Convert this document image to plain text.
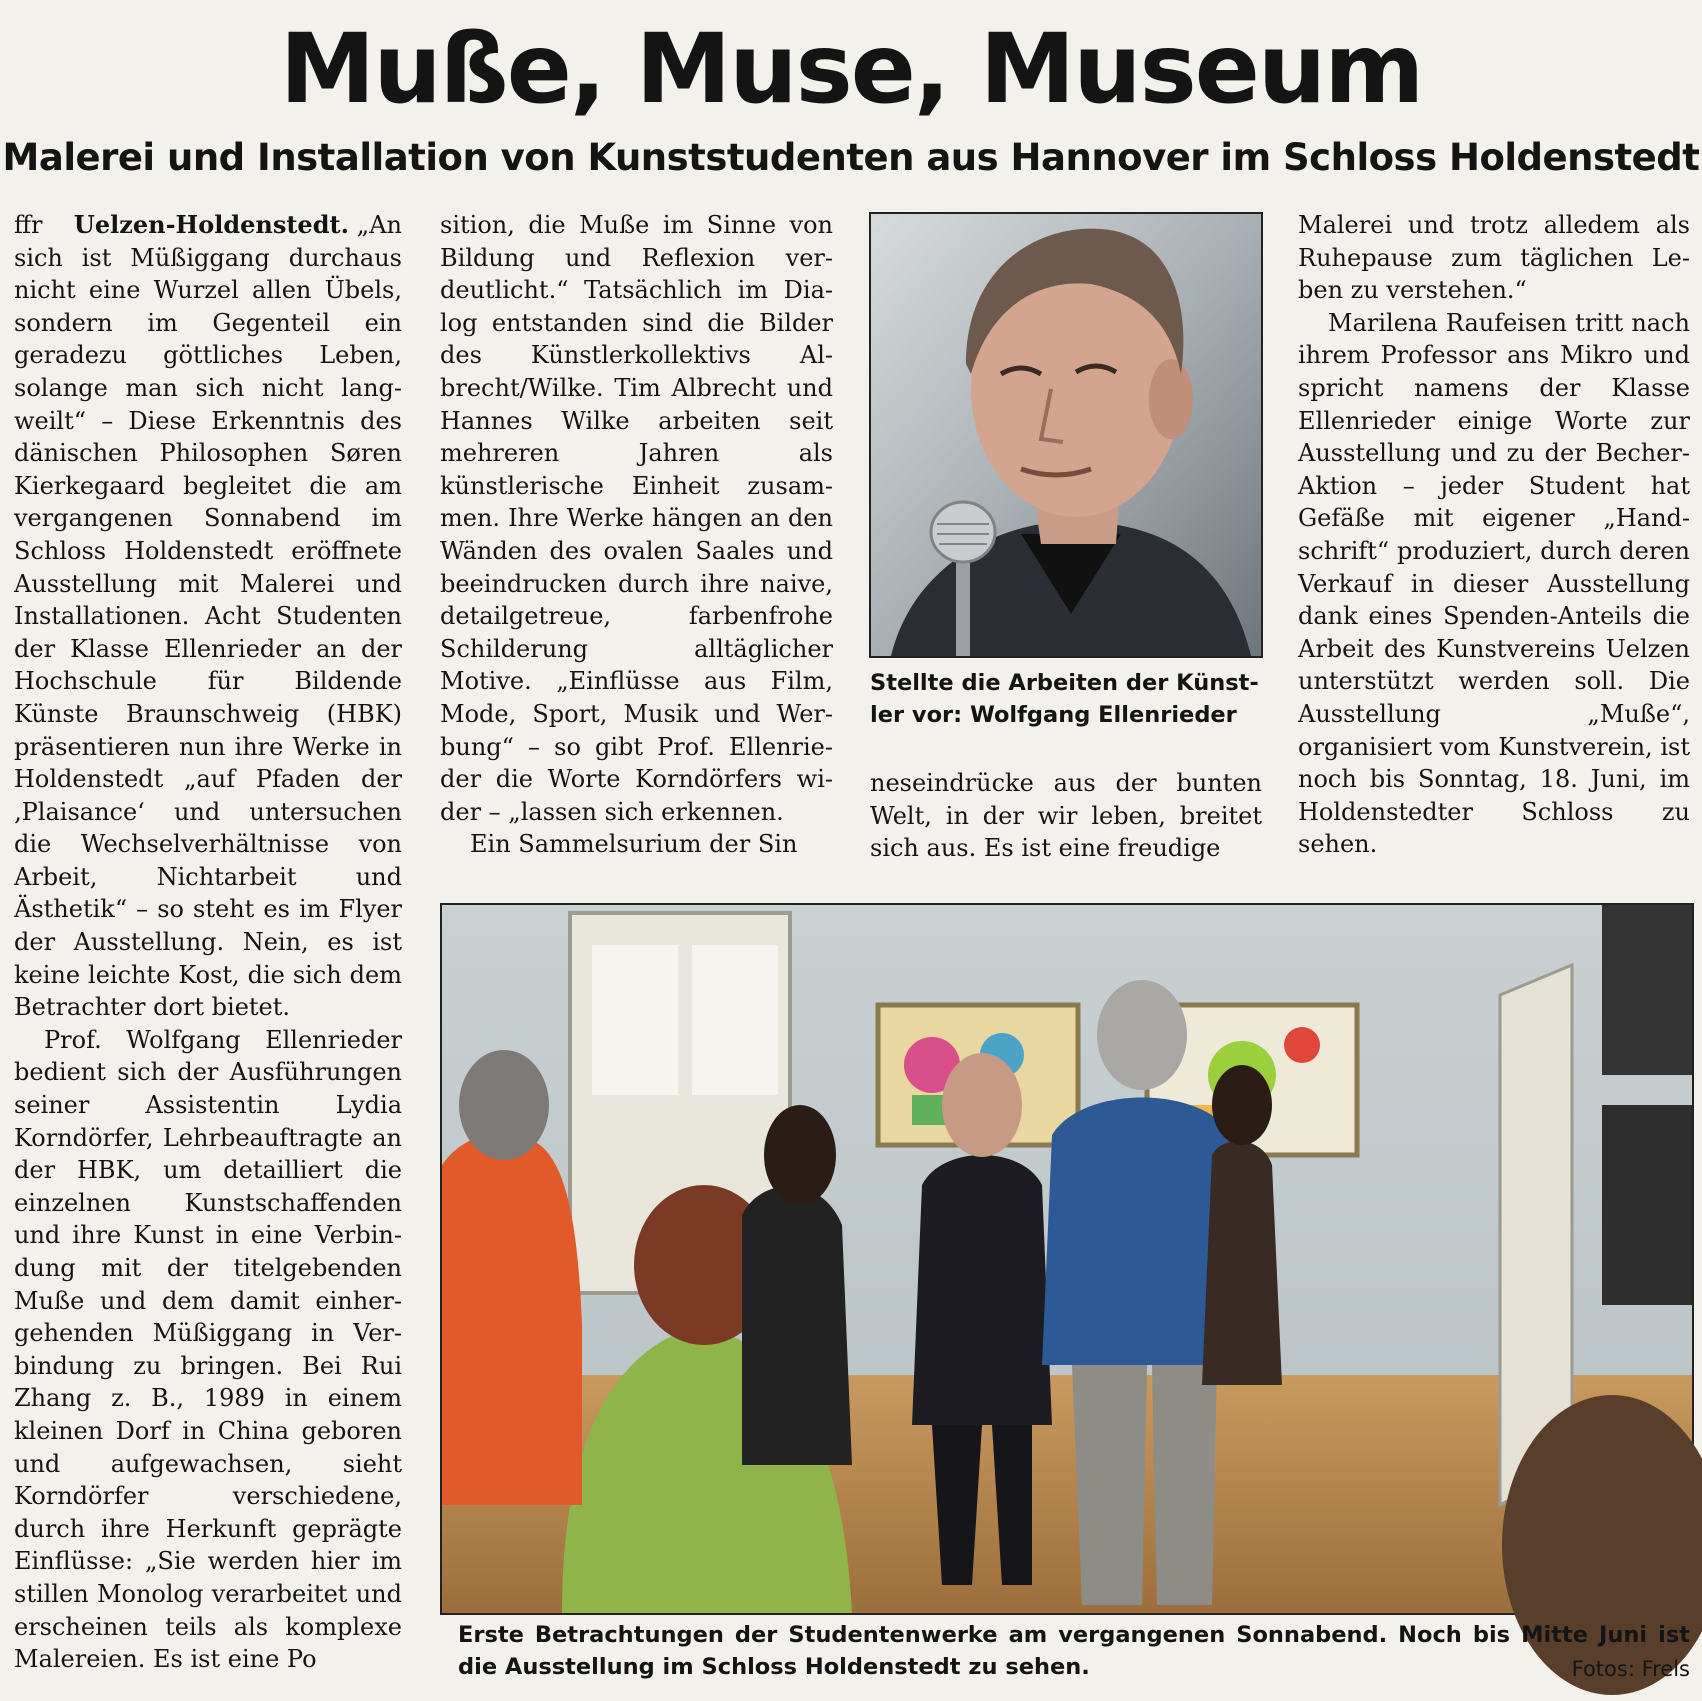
Muße, Muse, Museum
Malerei und Installation von Kunststudenten aus Hannover im Schloss Holdenstedt

ffr Uelzen-Holdenstedt. „An sich ist Müßiggang durchaus nicht eine Wurzel allen Übels, sondern im Gegenteil ein geradezu göttliches Leben, solange man sich nicht langweilt“ – Diese Erkenntnis des dänischen Philosophen Søren Kierkegaard begleitet die am vergangenen Sonnabend im Schloss Holdenstedt eröffnete Ausstellung mit Malerei und Installationen. Acht Studenten der Klasse Ellenrieder an der Hochschule für Bildende Künste Braunschweig (HBK) präsentieren nun ihre Werke in Holdenstedt „auf Pfaden der ‚Plaisance‘ und untersuchen die Wechselverhältnisse von Arbeit, Nichtarbeit und Ästhetik“ – so steht es im Flyer der Ausstellung. Nein, es ist keine leichte Kost, die sich dem Betrachter dort bietet.

Prof. Wolfgang Ellenrieder bedient sich der Ausführungen seiner Assistentin Lydia Korndörfer, Lehrbeauftragte an der HBK, um detailliert die einzelnen Kunstschaffenden und ihre Kunst in eine Verbindung mit der titelgebenden Muße und dem damit einhergehenden Müßiggang in Verbindung zu bringen. Bei Rui Zhang z. B., 1989 in einem kleinen Dorf in China geboren und aufgewachsen, sieht Korndörfer verschiedene, durch ihre Herkunft geprägte Einflüsse: „Sie werden hier im stillen Monolog verarbeitet und erscheinen teils als komplexe Malereien. Es ist eine Po

sition, die Muße im Sinne von Bildung und Reflexion verdeutlicht.“ Tatsächlich im Dialog entstanden sind die Bilder des Künstlerkollektivs Albrecht/Wilke. Tim Albrecht und Hannes Wilke arbeiten seit mehreren Jahren als künstlerische Einheit zusammen. Ihre Werke hängen an den Wänden des ovalen Saales und beeindrucken durch ihre naive, detailgetreue, farbenfrohe Schilderung alltäglicher Motive. „Einflüsse aus Film, Mode, Sport, Musik und Werbung“ – so gibt Prof. Ellenrieder die Worte Korndörfers wider – „lassen sich erkennen.

Ein Sammelsurium der Sin

Stellte die Arbeiten der Künstler vor: Wolfgang Ellenrieder

neseindrücke aus der bunten Welt, in der wir leben, breitet sich aus. Es ist eine freudige

Malerei und trotz alledem als Ruhepause zum täglichen Leben zu verstehen.“

Marilena Raufeisen tritt nach ihrem Professor ans Mikro und spricht namens der Klasse Ellenrieder einige Worte zur Ausstellung und zu der Becher-Aktion – jeder Student hat Gefäße mit eigener „Handschrift“ produziert, durch deren Verkauf in dieser Ausstellung dank eines Spenden-Anteils die Arbeit des Kunstvereins Uelzen unterstützt werden soll. Die Ausstellung „Muße“, organisiert vom Kunstverein, ist noch bis Sonntag, 18. Juni, im Holdenstedter Schloss zu sehen.

Erste Betrachtungen der Studentenwerke am vergangenen Sonnabend. Noch bis Mitte Juni ist die Ausstellung im Schloss Holdenstedt zu sehen.	Fotos: Frels
